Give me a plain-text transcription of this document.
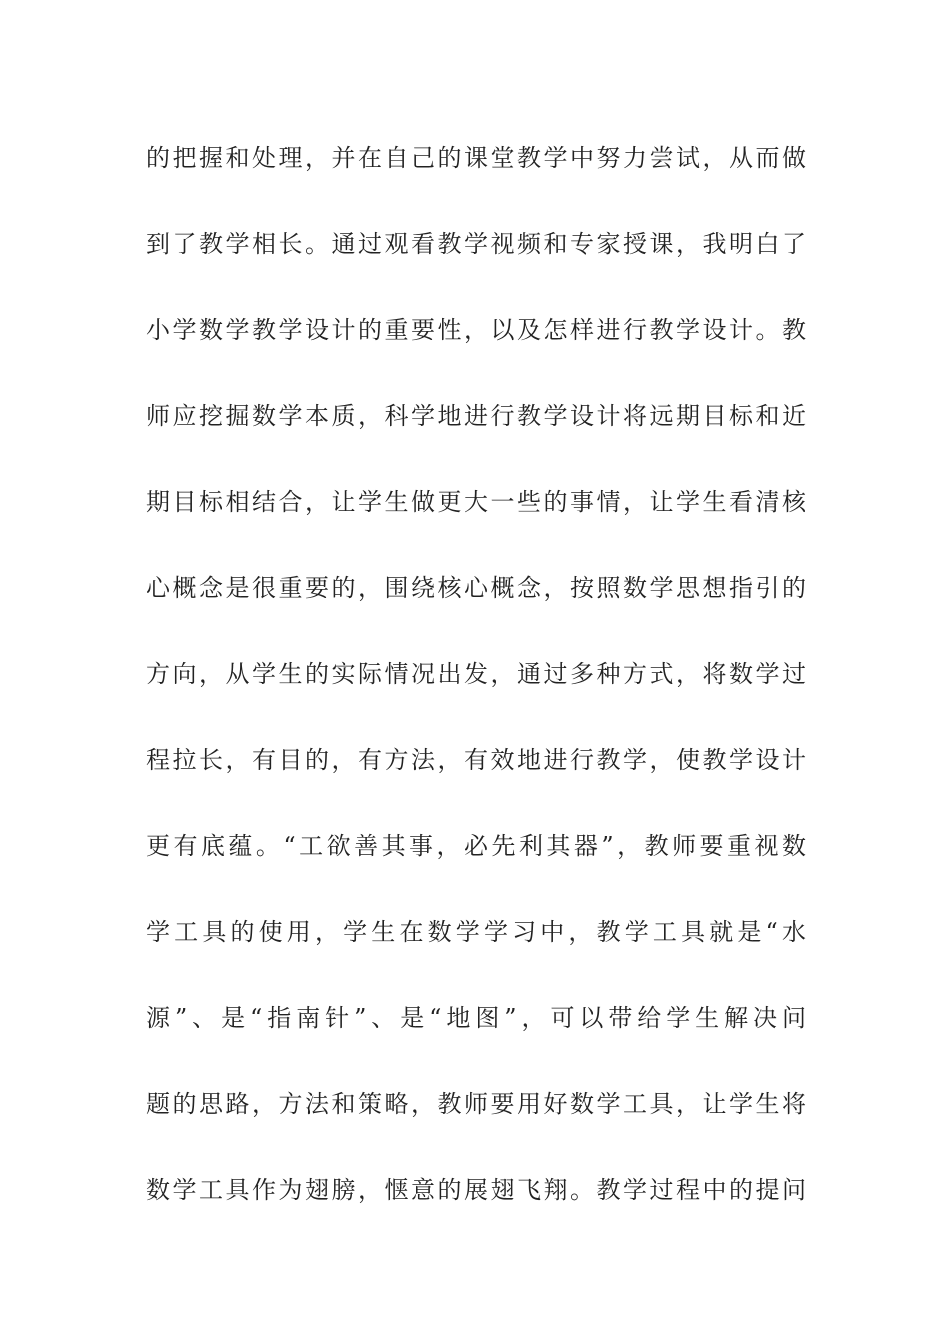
的把握和处理，并在自己的课堂教学中努力尝试，从而做
到了教学相长。通过观看教学视频和专家授课，我明白了
小学数学教学设计的重要性，以及怎样进行教学设计。教
师应挖掘数学本质，科学地进行教学设计将远期目标和近
期目标相结合，让学生做更大一些的事情，让学生看清核
心概念是很重要的，围绕核心概念，按照数学思想指引的
方向，从学生的实际情况出发，通过多种方式，将数学过
程拉长，有目的，有方法，有效地进行教学，使教学设计
更有底蕴。“工欲善其事，必先利其器”，教师要重视数
学工具的使用，学生在数学学习中，教学工具就是“水
源”、是“指南针”、是“地图”，可以带给学生解决问
题的思路，方法和策略，教师要用好数学工具，让学生将
数学工具作为翅膀，惬意的展翅飞翔。教学过程中的提问
